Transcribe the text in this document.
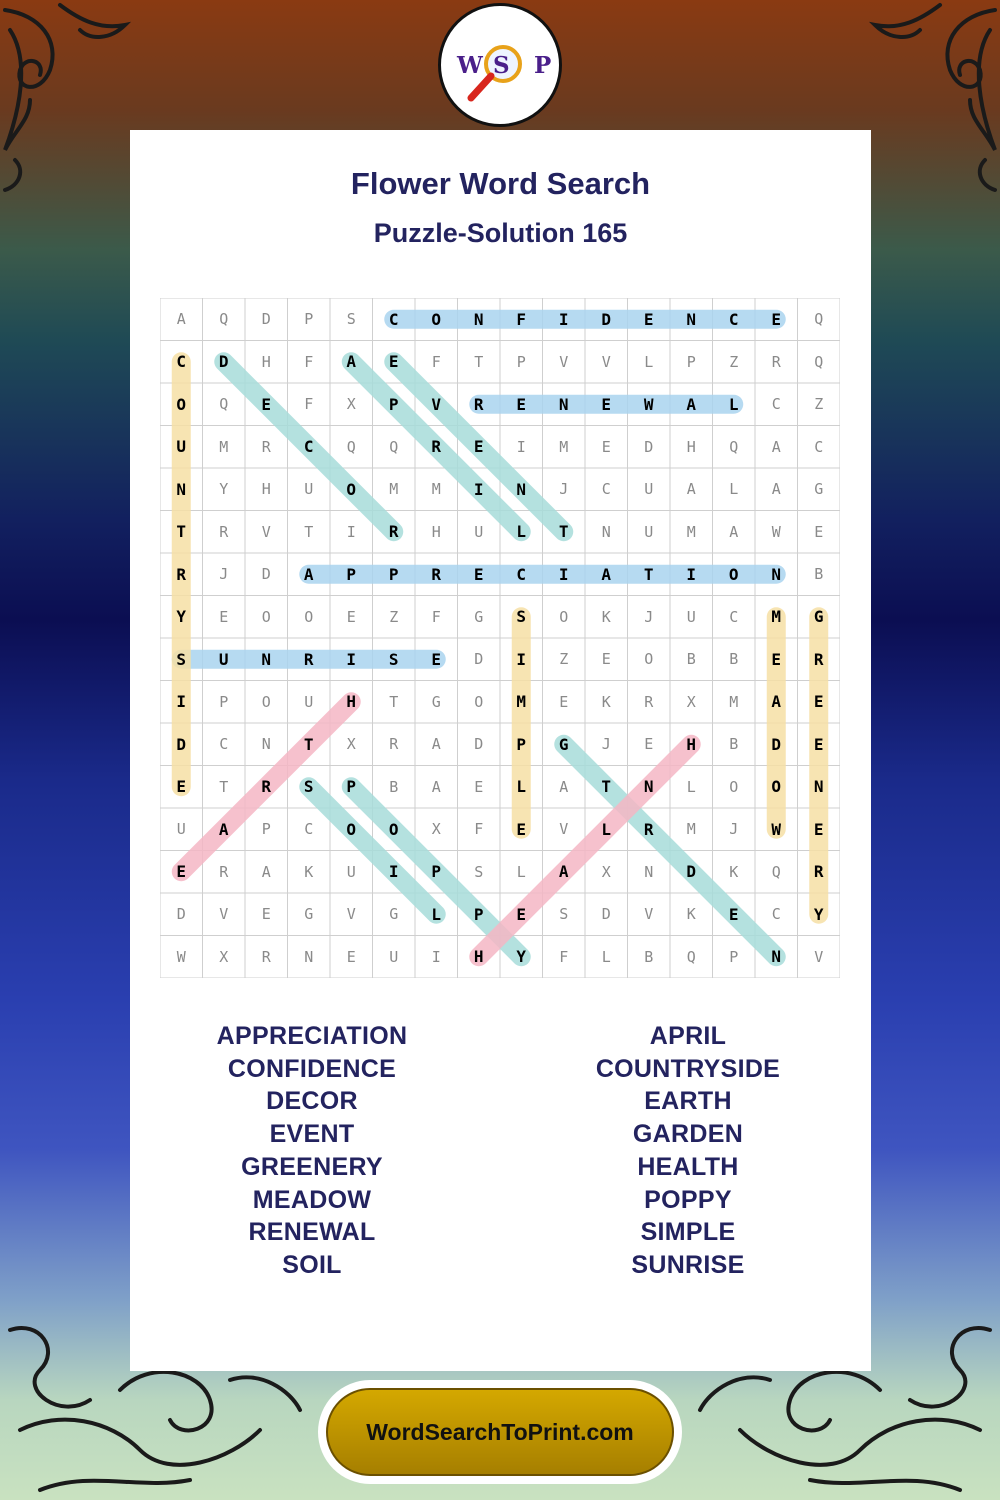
W S P
Flower Word Search
Puzzle-Solution 165
A	Q	D	P	S	C	O	N	F	I	D	E	N	C	E	Q
C	D	H	F	A	E	F	T	P	V	V	L	P	Z	R	Q
O	Q	E	F	X	P	V	R	E	N	E	W	A	L	C	Z
U	M	R	C	Q	Q	R	E	I	M	E	D	H	Q	A	C
N	Y	H	U	O	M	M	I	N	J	C	U	A	L	A	G
T	R	V	T	I	R	H	U	L	T	N	U	M	A	W	E
R	J	D	A	P	P	R	E	C	I	A	T	I	O	N	B
Y	E	O	O	E	Z	F	G	S	O	K	J	U	C	M	G
S	U	N	R	I	S	E	D	I	Z	E	O	B	B	E	R
I	P	O	U	H	T	G	O	M	E	K	R	X	M	A	E
D	C	N	T	X	R	A	D	P	G	J	E	H	B	D	E
E	T	R	S	P	B	A	E	L	A	T	N	L	O	O	N
U	A	P	C	O	O	X	F	E	V	L	R	M	J	W	E
E	R	A	K	U	I	P	S	L	A	X	N	D	K	Q	R
D	V	E	G	V	G	L	P	E	S	D	V	K	E	C	Y
W	X	R	N	E	U	I	H	Y	F	L	B	Q	P	N	V
APPRECIATION
CONFIDENCE
DECOR
EVENT
GREENERY
MEADOW
RENEWAL
SOIL
APRIL
COUNTRYSIDE
EARTH
GARDEN
HEALTH
POPPY
SIMPLE
SUNRISE
WordSearchToPrint.com
